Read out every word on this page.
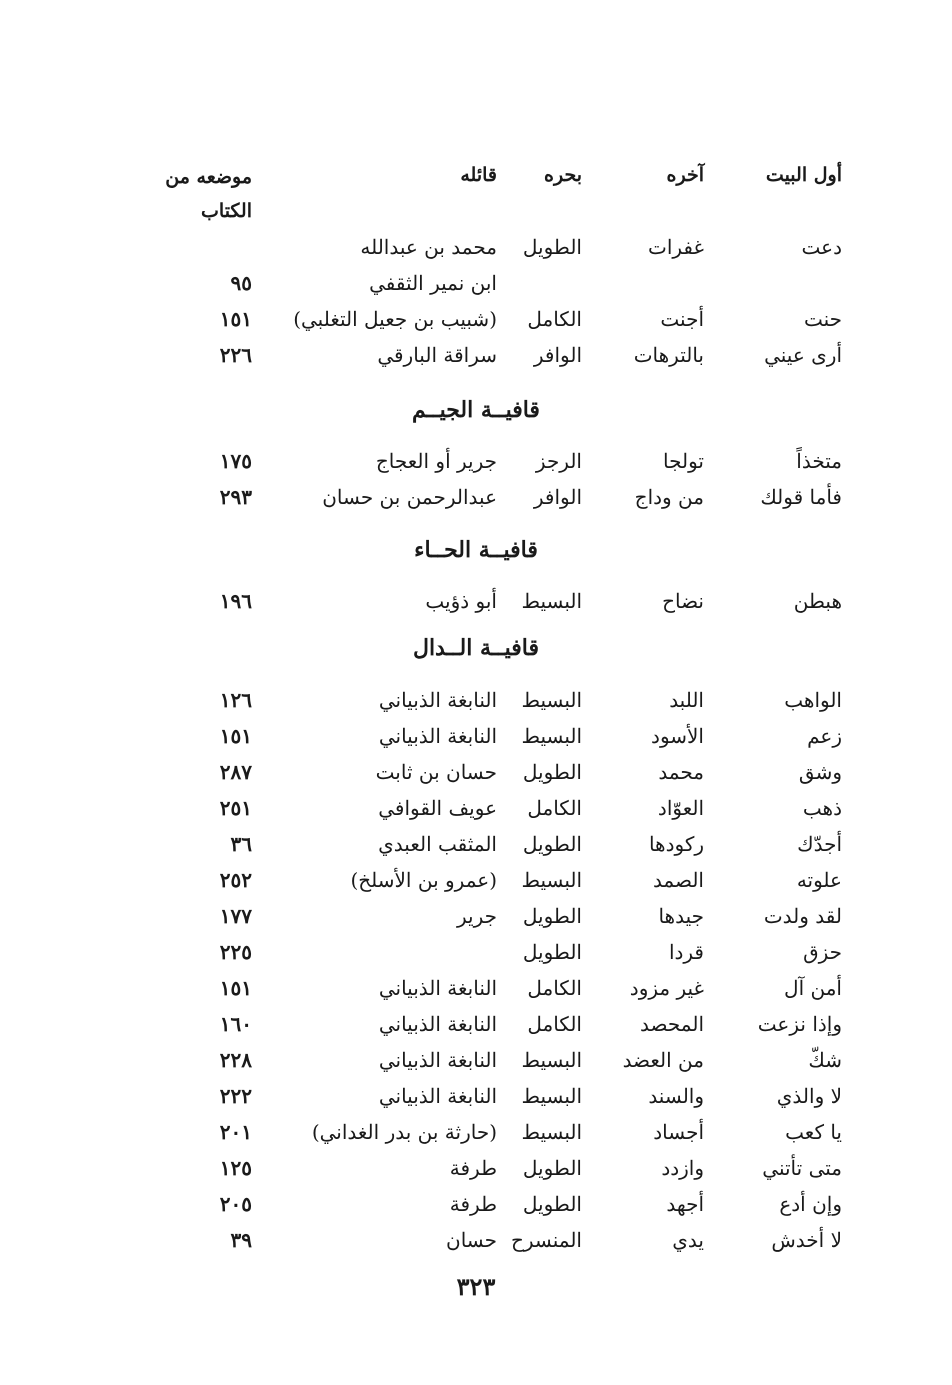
أول البيت
آخره
بحره
قائله
موضعه من
الكتاب
دعت
غفرات
الطويل
محمد بن عبدالله
ابن نمير الثقفي
٩٥
حنت
أجنت
الكامل
(شبيب بن جعيل التغلبي)
١٥١
أرى عيني
بالترهات
الوافر
سراقة البارقي
٢٢٦
قافيــة الجيــم
متخذاً
تولجا
الرجز
جرير أو العجاج
١٧٥
فأما قولك
من وداج
الوافر
عبدالرحمن بن حسان
٢٩٣
قافيــة الحــاء
هبطن
نضاح
البسيط
أبو ذؤيب
١٩٦
قافيــة الــدال
الواهب
اللبد
البسيط
النابغة الذبياني
١٢٦
زعم
الأسود
البسيط
النابغة الذبياني
١٥١
وشق
محمد
الطويل
حسان بن ثابت
٢٨٧
ذهب
العوّاد
الكامل
عويف القوافي
٢٥١
أجدّك
ركودها
الطويل
المثقب العبدي
٣٦
علوته
الصمد
البسيط
(عمرو بن الأسلخ)
٢٥٢
لقد ولدت
جيدها
الطويل
جرير
١٧٧
حزق
قردا
الطويل
٢٢٥
أمن آل
غير مزود
الكامل
النابغة الذبياني
١٥١
وإذا نزعت
المحصد
الكامل
النابغة الذبياني
١٦٠
شكّ
من العضد
البسيط
النابغة الذبياني
٢٢٨
لا والذي
والسند
البسيط
النابغة الذبياني
٢٢٢
يا كعب
أجساد
البسيط
(حارثة بن بدر الغداني)
٢٠١
متى تأتني
وازدد
الطويل
طرفة
١٢٥
وإن أدع
أجهد
الطويل
طرفة
٢٠٥
لا أخدش
يدي
المنسرح
حسان
٣٩
٣٢٣
